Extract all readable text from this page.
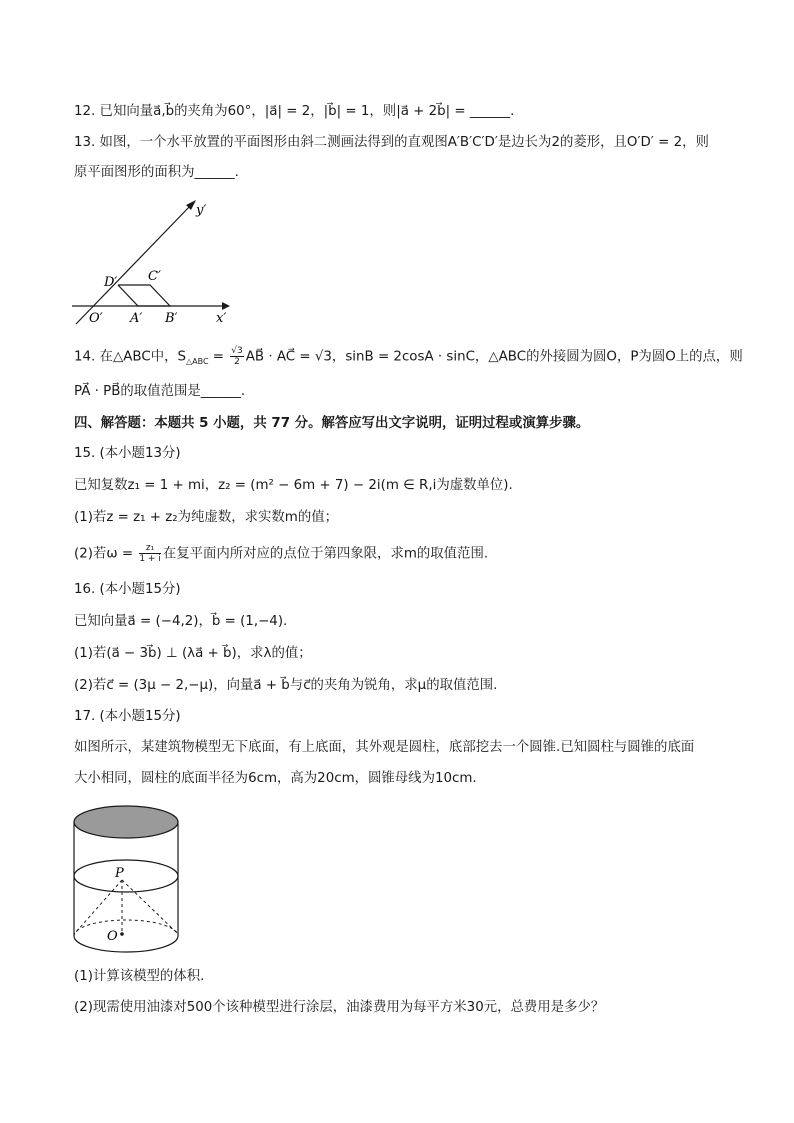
12. 已知向量a⃗,b⃗的夹角为60°，|a⃗| = 2，|b⃗| = 1，则|a⃗ + 2b⃗| = ______.
13. 如图，一个水平放置的平面图形由斜二测画法得到的直观图A′B′C′D′是边长为2的菱形，且O′D′ = 2，则
原平面图形的面积为______.
y′
x′
O′ A′ B′
C′
D′
14. 在△ABC中，$S_{\triangle ABC} = \frac{√3}{2}$ AB⃗ · AC⃗ = √3，sinB = 2cosA · sinC，△ABC的外接圆为圆O，P为圆O上的点，则
PA⃗ · PB⃗的取值范围是______.
四、解答题：本题共 5 小题，共 77 分。解答应写出文字说明，证明过程或演算步骤。
15. (本小题13分)
已知复数z₁ = 1 + mi，z₂ = (m² − 6m + 7) − 2i(m ∈ R,i为虚数单位).
(1)若z = z₁ + z₂为纯虚数，求实数m的值；
(2)若$\omega = \frac{\text{z₁}}{1 + i}$ 在复平面内所对应的点位于第四象限，求m的取值范围.
16. (本小题15分)
已知向量a⃗ = (−4,2)，b⃗ = (1,−4).
(1)若(a⃗ − 3b⃗) ⊥ (λa⃗ + b⃗)，求λ的值；
(2)若c⃗ = (3μ − 2,−μ)，向量a⃗ + b⃗与c⃗的夹角为锐角，求μ的取值范围.
17. (本小题15分)
如图所示，某建筑物模型无下底面，有上底面，其外观是圆柱，底部挖去一个圆锥.已知圆柱与圆锥的底面
大小相同，圆柱的底面半径为6cm，高为20cm，圆锥母线为10cm.
P
O
(1)计算该模型的体积.
(2)现需使用油漆对500个该种模型进行涂层，油漆费用为每平方米30元，总费用是多少？
